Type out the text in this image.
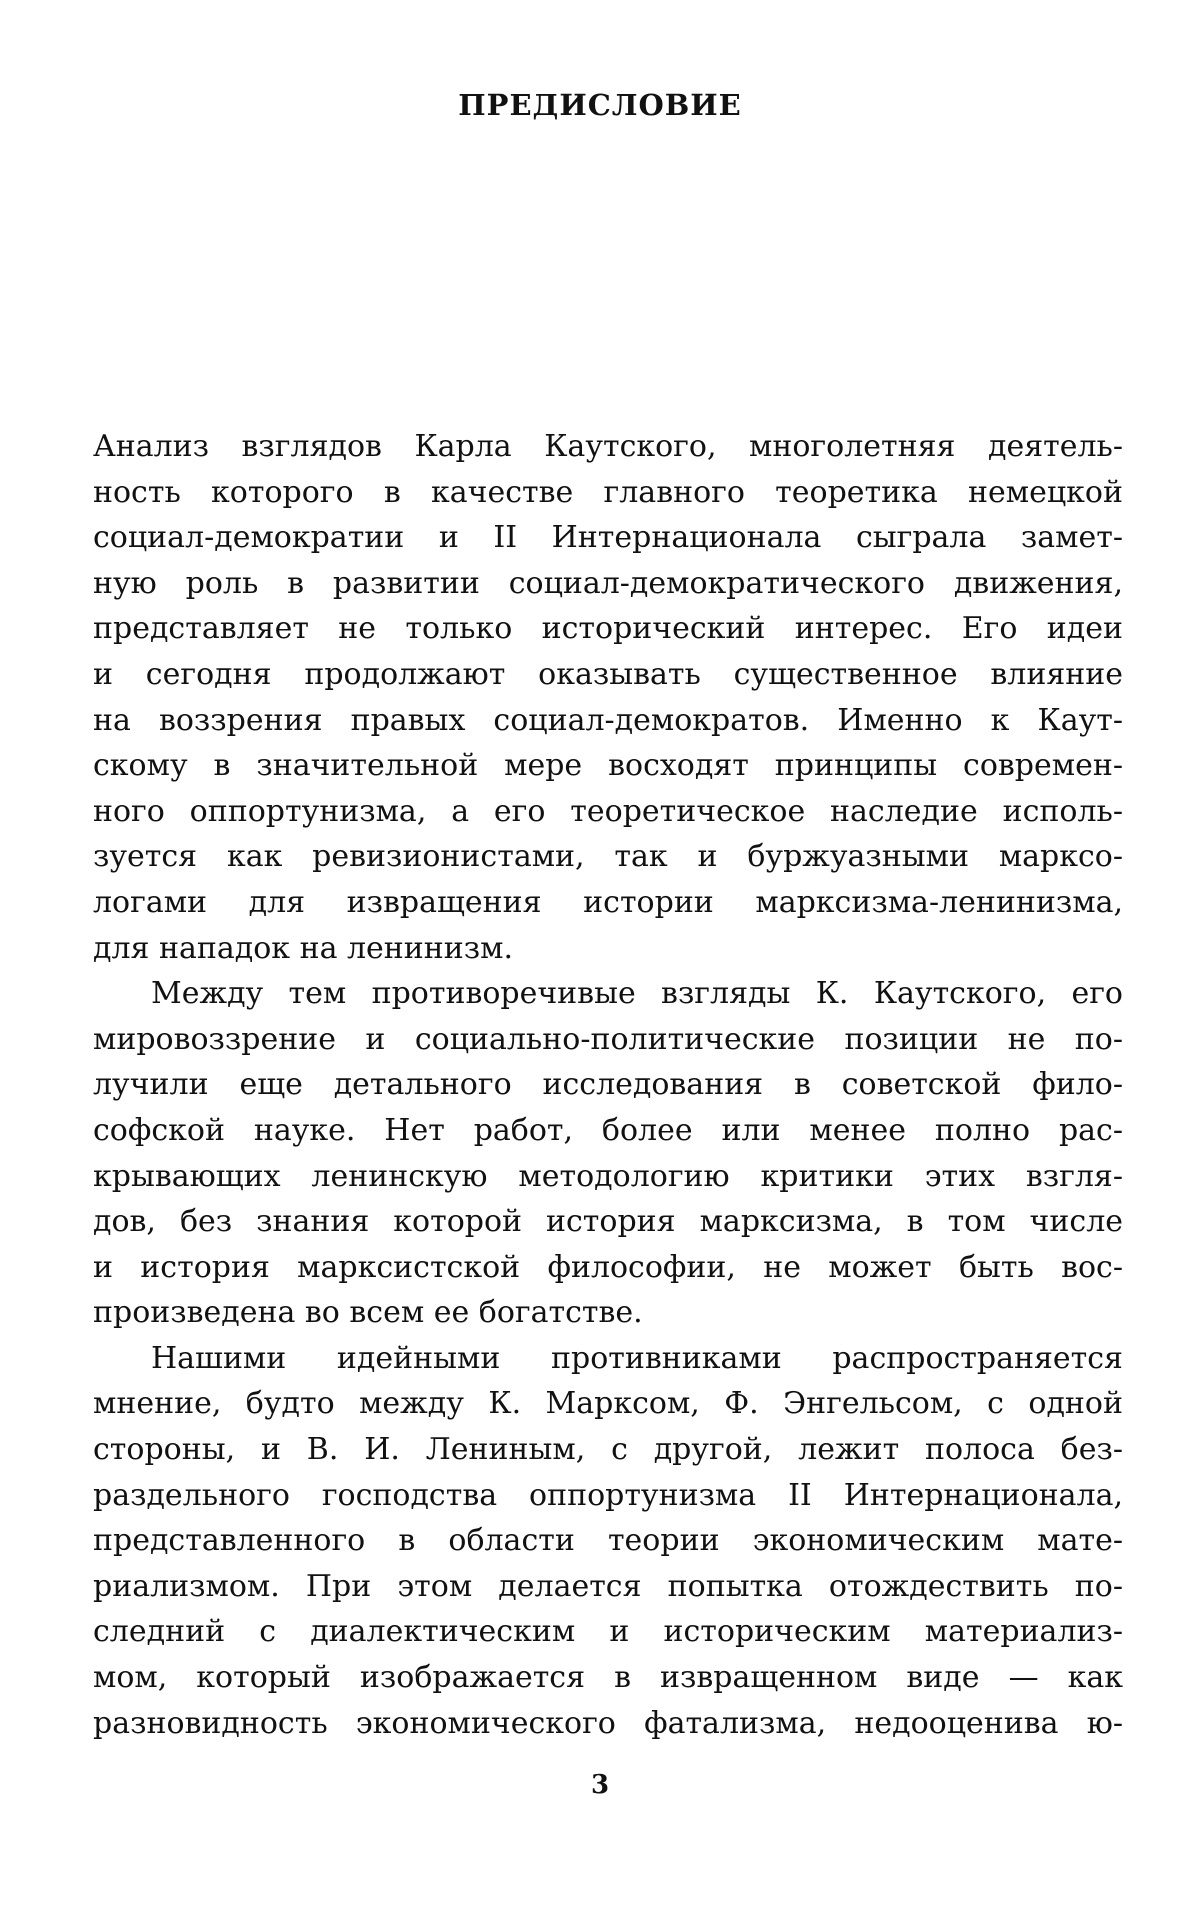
ПРЕДИСЛОВИЕ

Анализ взглядов Карла Каутского, многолетняя деятель-
ность которого в качестве главного теоретика немецкой
социал-демократии и II Интернационала сыграла замет-
ную роль в развитии социал-демократического движения,
представляет не только исторический интерес. Его идеи
и сегодня продолжают оказывать существенное влияние
на воззрения правых социал-демократов. Именно к Каут-
скому в значительной мере восходят принципы современ-
ного оппортунизма, а его теоретическое наследие исполь-
зуется как ревизионистами, так и буржуазными марксо-
логами для извращения истории марксизма-ленинизма,
для нападок на ленинизм.

Между тем противоречивые взгляды К. Каутского, его
мировоззрение и социально-политические позиции не по-
лучили еще детального исследования в советской фило-
софской науке. Нет работ, более или менее полно рас-
крывающих ленинскую методологию критики этих взгля-
дов, без знания которой история марксизма, в том числе
и история марксистской философии, не может быть вос-
произведена во всем ее богатстве.

Нашими идейными противниками распространяется
мнение, будто между К. Марксом, Ф. Энгельсом, с одной
стороны, и В. И. Лениным, с другой, лежит полоса без-
раздельного господства оппортунизма II Интернационала,
представленного в области теории экономическим мате-
риализмом. При этом делается попытка отождествить по-
следний с диалектическим и историческим материализ-
мом, который изображается в извращенном виде — как
разновидность экономического фатализма, недооценива ю-

3
